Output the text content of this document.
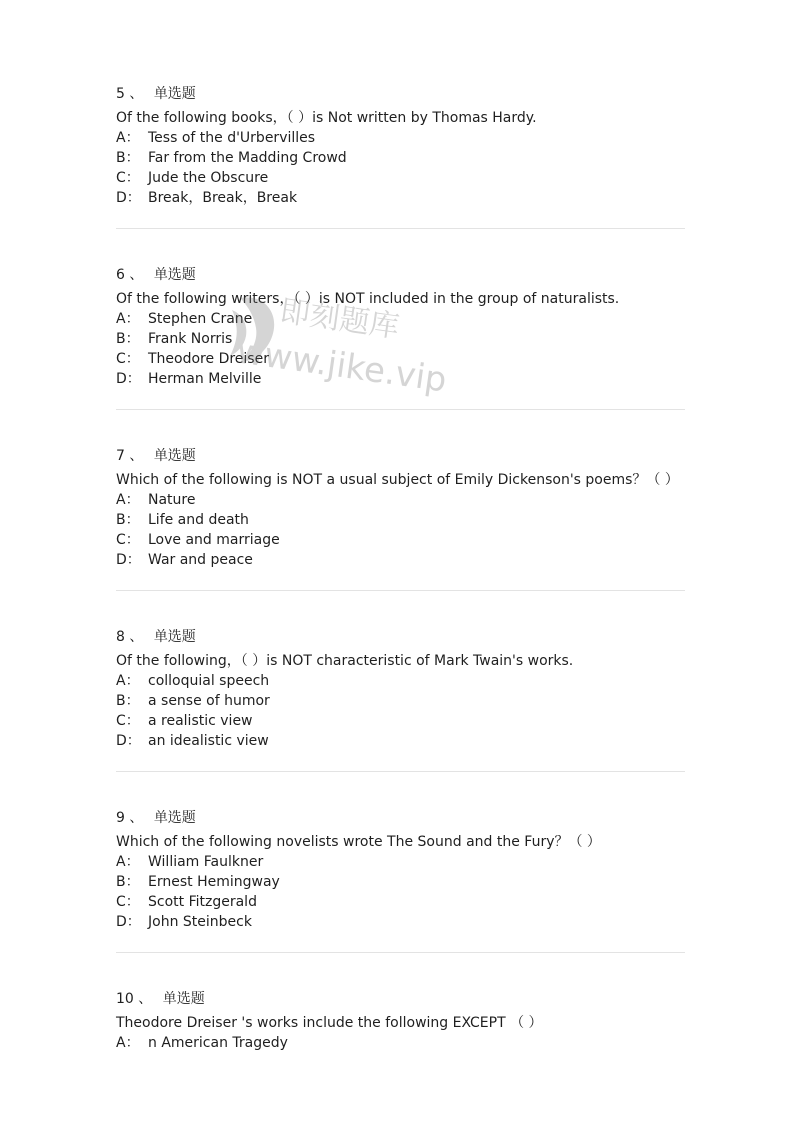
5 、 单选题
Of the following books，（ ）is Not written by Thomas Hardy.
A： Tess of the d'Urbervilles
B： Far from the Madding Crowd
C： Jude the Obscure
D： Break，Break，Break
6 、 单选题
Of the following writers，（ ）is NOT included in the group of naturalists.
A： Stephen Crane
B： Frank Norris
C： Theodore Dreiser
D： Herman Melville
7 、 单选题
Which of the following is NOT a usual subject of Emily Dickenson's poems？（ ）
A： Nature
B： Life and death
C： Love and marriage
D： War and peace
8 、 单选题
Of the following，（ ）is NOT characteristic of Mark Twain's works.
A： colloquial speech
B： a sense of humor
C： a realistic view
D： an idealistic view
9 、 单选题
Which of the following novelists wrote The Sound and the Fury？（ ）
A： William Faulkner
B： Ernest Hemingway
C： Scott Fitzgerald
D： John Steinbeck
10 、 单选题
Theodore Dreiser 's works include the following EXCEPT （ ）
A： n American Tragedy
即刻题库
www.jike.vip
